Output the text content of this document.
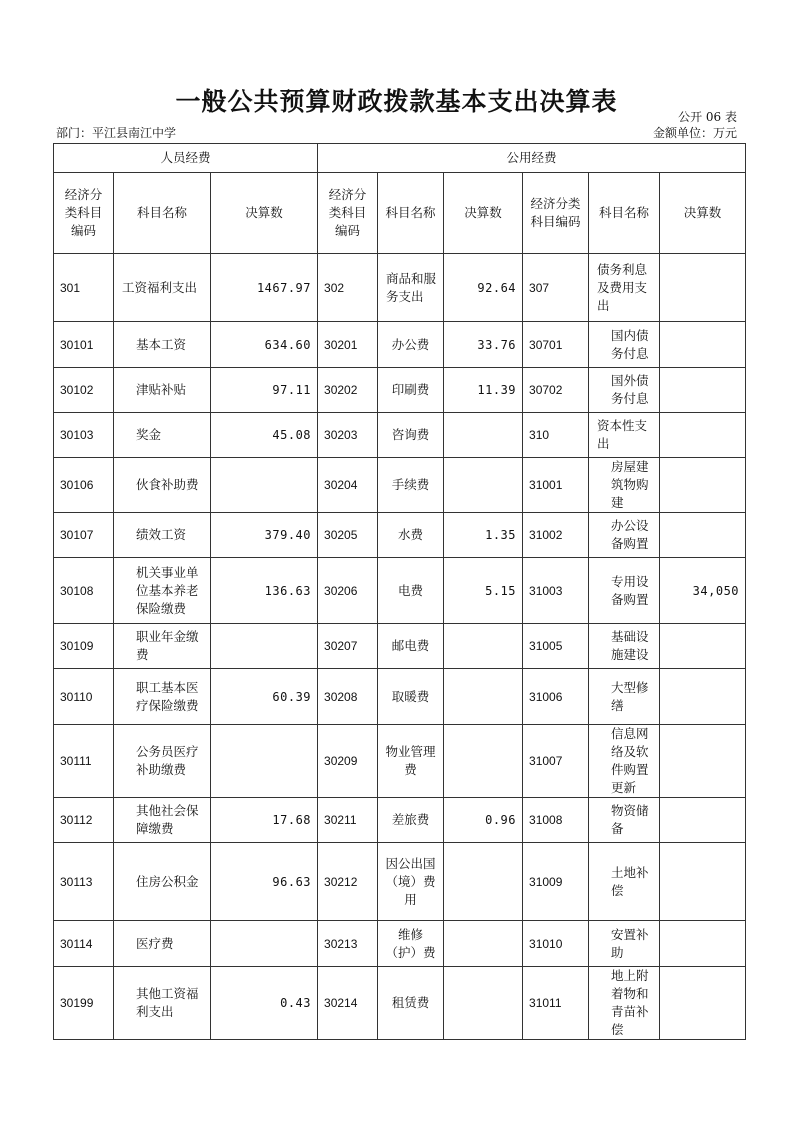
一般公共预算财政拨款基本支出决算表
公开 06 表
部门：平江县南江中学	金额单位：万元
人员经费			公用经费					
经济分类科目编码	科目名称	决算数	经济分类科目编码	科目名称	决算数	经济分类科目编码	科目名称	决算数
301	工资福利支出	1467.97	302	商品和服务支出	92.64	307	债务利息及费用支出	
30101	基本工资	634.60	30201	办公费	33.76	30701	国内债务付息	
30102	津贴补贴	97.11	30202	印刷费	11.39	30702	国外债务付息	
30103	奖金	45.08	30203	咨询费		310	资本性支出	
30106	伙食补助费		30204	手续费		31001	房屋建筑物购建	
30107	绩效工资	379.40	30205	水费	1.35	31002	办公设备购置	
30108	机关事业单位基本养老保险缴费	136.63	30206	电费	5.15	31003	专用设备购置	34,050
30109	职业年金缴费		30207	邮电费		31005	基础设施建设	
30110	职工基本医疗保险缴费	60.39	30208	取暖费		31006	大型修缮	
30111	公务员医疗补助缴费		30209	物业管理费		31007	信息网络及软件购置更新	
30112	其他社会保障缴费	17.68	30211	差旅费	0.96	31008	物资储备	
30113	住房公积金	96.63	30212	因公出国（境）费用		31009	土地补偿	
30114	医疗费		30213	维修（护）费		31010	安置补助	
30199	其他工资福利支出	0.43	30214	租赁费		31011	地上附着物和青苗补偿	
